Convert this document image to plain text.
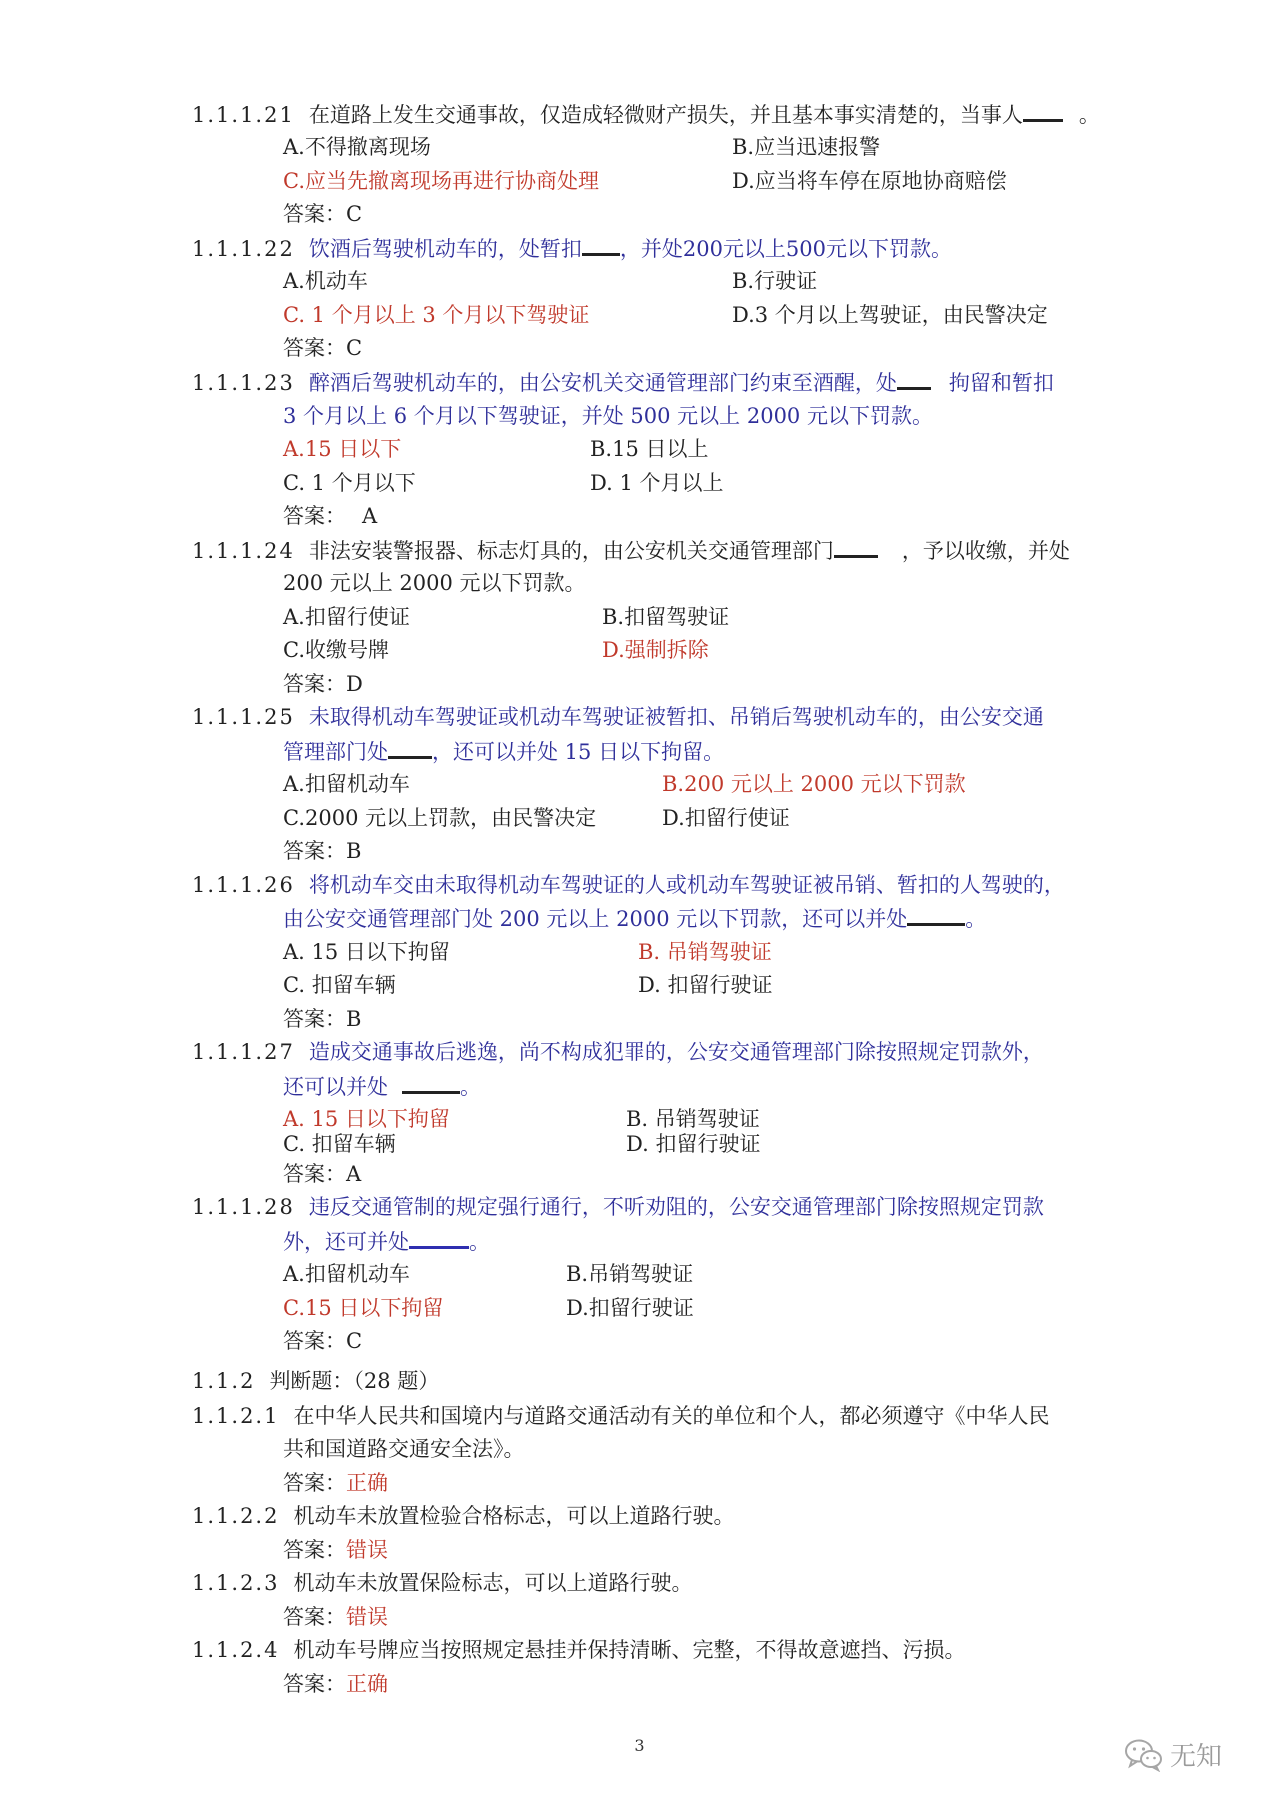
1.1.1.21 在道路上发生交通事故，仅造成轻微财产损失，并且基本事实清楚的，当事人	。
A.不得撤离现场	B.应当迅速报警
C.应当先撤离现场再进行协商处理	D.应当将车停在原地协商赔偿
答案：C
1.1.1.22 饮酒后驾驶机动车的，处暂扣 ，并处200元以上500元以下罚款。
A.机动车	B.行驶证
C. 1 个月以上 3 个月以下驾驶证	D.3 个月以上驾驶证，由民警决定
答案：C
1.1.1.23 醉酒后驾驶机动车的，由公安机关交通管理部门约束至酒醒，处 拘留和暂扣
3 个月以上 6 个月以下驾驶证，并处 500 元以上 2000 元以下罚款。
A.15 日以下	B.15 日以上
C. 1 个月以下	D. 1 个月以上
答案： A
1.1.1.24 非法安装警报器、标志灯具的，由公安机关交通管理部门	，予以收缴，并处
200 元以上 2000 元以下罚款。
A.扣留行使证	B.扣留驾驶证
C.收缴号牌	D.强制拆除
答案：D
1.1.1.25 未取得机动车驾驶证或机动车驾驶证被暂扣、吊销后驾驶机动车的，由公安交通
管理部门处 ，还可以并处 15 日以下拘留。
A.扣留机动车	B.200 元以上 2000 元以下罚款
C.2000 元以上罚款，由民警决定	D.扣留行使证
答案：B
1.1.1.26 将机动车交由未取得机动车驾驶证的人或机动车驾驶证被吊销、暂扣的人驾驶的，
由公安交通管理部门处 200 元以上 2000 元以下罚款，还可以并处	。
A. 15 日以下拘留	B. 吊销驾驶证
C. 扣留车辆	D. 扣留行驶证
答案：B
1.1.1.27 造成交通事故后逃逸，尚不构成犯罪的，公安交通管理部门除按照规定罚款外，
还可以并处	。
A. 15 日以下拘留	B. 吊销驾驶证
C. 扣留车辆	D. 扣留行驶证
答案：A
1.1.1.28 违反交通管制的规定强行通行，不听劝阻的，公安交通管理部门除按照规定罚款
外，还可并处	。
A.扣留机动车	B.吊销驾驶证
C.15 日以下拘留	D.扣留行驶证
答案：C
1.1.2 判断题：（28 题）
1.1.2.1 在中华人民共和国境内与道路交通活动有关的单位和个人，都必须遵守《中华人民
共和国道路交通安全法》。
答案：正确
1.1.2.2 机动车未放置检验合格标志，可以上道路行驶。
答案：错误
1.1.2.3 机动车未放置保险标志，可以上道路行驶。
答案：错误
1.1.2.4 机动车号牌应当按照规定悬挂并保持清晰、完整，不得故意遮挡、污损。
答案：正确
3	无知
